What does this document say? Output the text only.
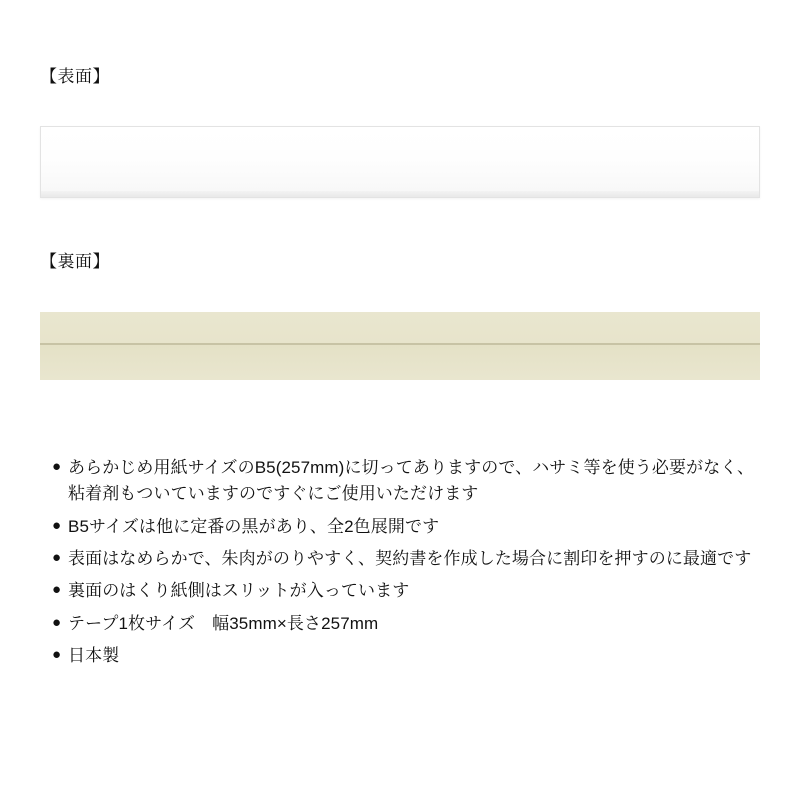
【表面】
【裏面】
● あらかじめ用紙サイズのB5(257mm)に切ってありますので、ハサミ等を使う必要がなく、粘着剤もついていますのですぐにご使用いただけます
● B5サイズは他に定番の黒があり、全2色展開です
● 表面はなめらかで、朱肉がのりやすく、契約書を作成した場合に割印を押すのに最適です
● 裏面のはくり紙側はスリットが入っています
● テープ1枚サイズ　幅35mm×長さ257mm
● 日本製
